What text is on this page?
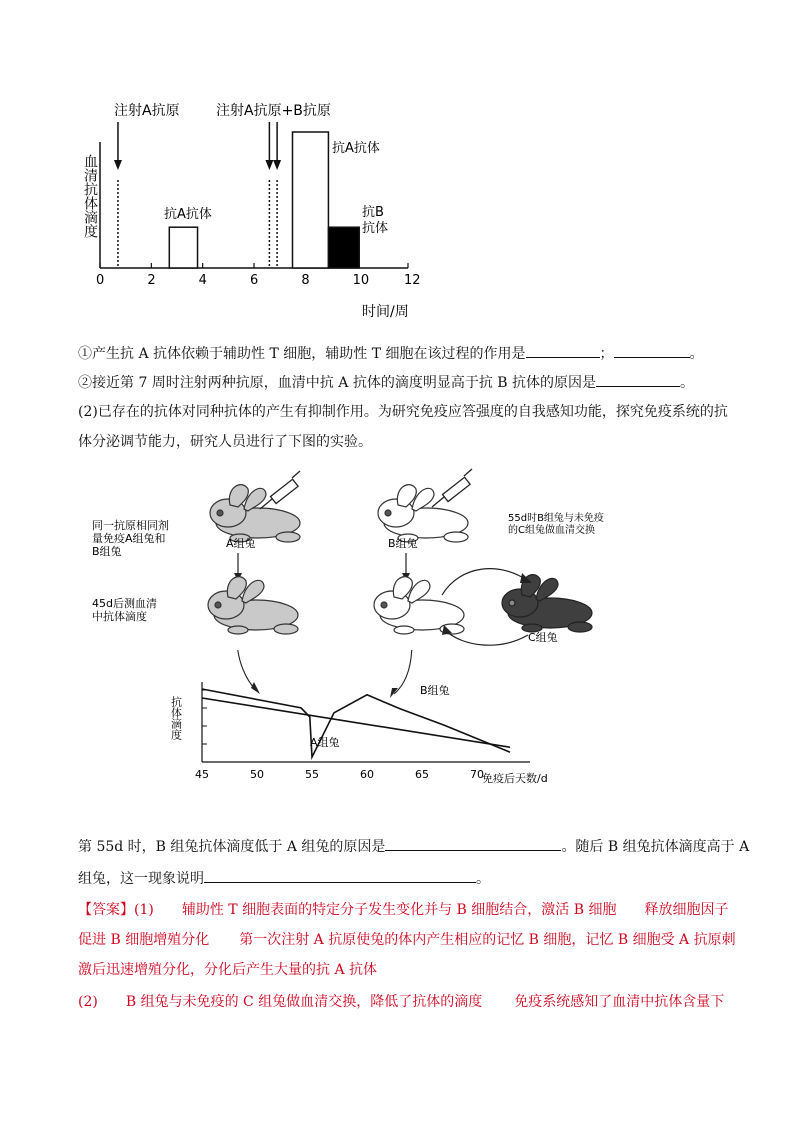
血清抗体滴度
0	2	4	6	8	10	12
注射A抗原	注射A抗原+B抗原
抗A抗体
抗A抗体
抗B
抗体
时间/周
①产生抗 A 抗体依赖于辅助性 T 细胞，辅助性 T 细胞在该过程的作用是	；	。
②接近第 7 周时注射两种抗原，血清中抗 A 抗体的滴度明显高于抗 B 抗体的原因是	。
(2)已存在的抗体对同种抗体的产生有抑制作用。为研究免疫应答强度的自我感知功能，探究免疫系统的抗
体分泌调节能力，研究人员进行了下图的实验。
同一抗原相同剂
量免疫A组兔和
B组兔
A组兔	B组兔
55d时B组兔与未免疫
的C组兔做血清交换
45d后测血清
中抗体滴度
C组兔
抗体滴度
45	50	55	60	65	70
A组兔
B组兔
免疫后天数/d
第 55d 时，B 组兔抗体滴度低于 A 组兔的原因是	。随后 B 组兔抗体滴度高于 A
组兔，这一现象说明	。
【答案】(1) 辅助性 T 细胞表面的特定分子发生变化并与 B 细胞结合，激活 B 细胞 释放细胞因子
促进 B 细胞增殖分化 第一次注射 A 抗原使兔的体内产生相应的记忆 B 细胞，记忆 B 细胞受 A 抗原刺
激后迅速增殖分化，分化后产生大量的抗 A 抗体
(2) B 组兔与未免疫的 C 组兔做血清交换，降低了抗体的滴度 免疫系统感知了血清中抗体含量下
